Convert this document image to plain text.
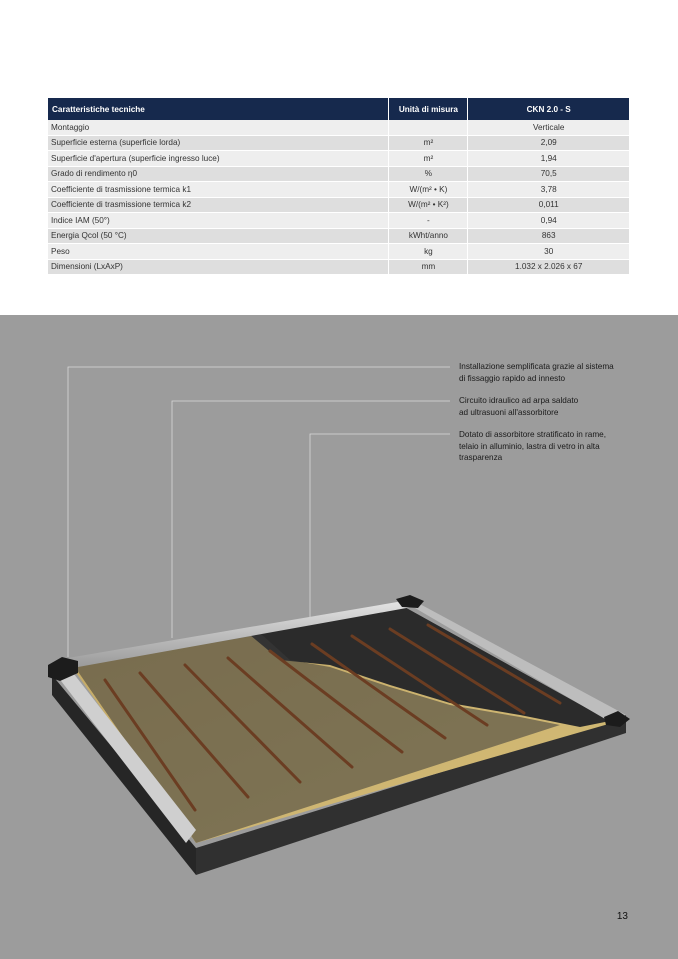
Caratteristiche tecniche	Unità di misura	CKN 2.0 - S
Montaggio		Verticale
Superficie esterna (superficie lorda)	m²	2,09
Superficie d'apertura (superficie ingresso luce)	m²	1,94
Grado di rendimento η0	%	70,5
Coefficiente di trasmissione termica k1	W/(m² • K)	3,78
Coefficiente di trasmissione termica k2	W/(m² • K²)	0,011
Indice IAM (50°)	-	0,94
Energia Qcol (50 °C)	kWht/anno	863
Peso	kg	30
Dimensioni (LxAxP)	mm	1.032 x 2.026 x 67
Installazione semplificata grazie al sistema
di fissaggio rapido ad innesto
Circuito idraulico ad arpa saldato
ad ultrasuoni all'assorbitore
Dotato di assorbitore stratificato in rame,
telaio in alluminio, lastra di vetro in alta
trasparenza
13
